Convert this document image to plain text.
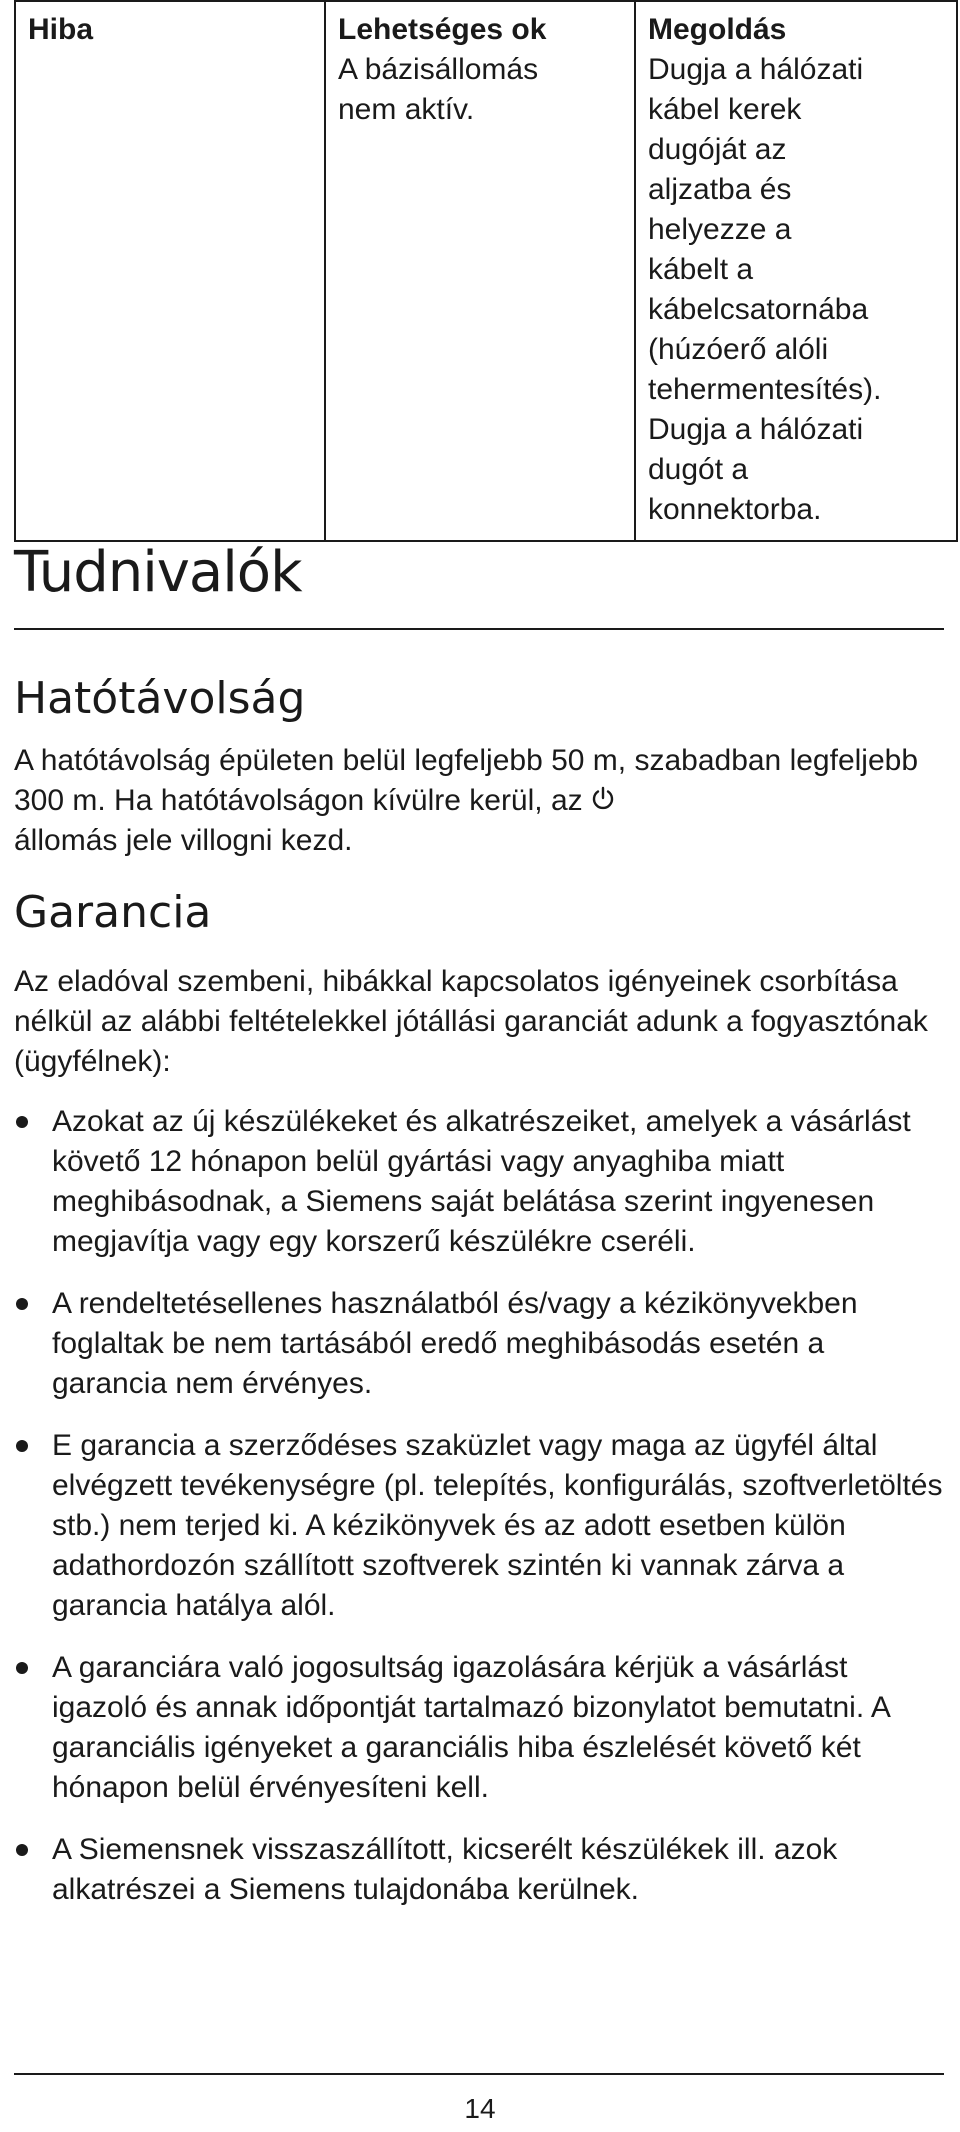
Hiba	Lehetséges ok	Megoldás
	A bázisállomás nem aktív.	Dugja a hálózati kábel kerek dugóját az aljzatba és helyezze a kábelt a kábelcsatornába (húzóerő alóli tehermentesítés). Dugja a hálózati dugót a konnektorba.
Tudnivalók
Hatótávolság
A hatótávolság épületen belül legfeljebb 50 m, szabadban legfeljebb 300 m. Ha hatótávolságon kívülre kerül, az
állomás jele villogni kezd.
Garancia
Az eladóval szembeni, hibákkal kapcsolatos igényeinek csorbítása nélkül az alábbi feltételekkel jótállási garanciát adunk a fogyasztónak (ügyfélnek):
Azokat az új készülékeket és alkatrészeiket, amelyek a vásárlást követő 12 hónapon belül gyártási vagy anyaghiba miatt meghibásodnak, a Siemens saját belátása szerint ingyenesen megjavítja vagy egy korszerű készülékre cseréli.
A rendeltetésellenes használatból és/vagy a kézikönyvekben foglaltak be nem tartásából eredő meghibásodás esetén a garancia nem érvényes.
E garancia a szerződéses szaküzlet vagy maga az ügyfél által elvégzett tevékenységre (pl. telepítés, konfigurálás, szoftverletöltés stb.) nem terjed ki. A kézikönyvek és az adott esetben külön adathordozón szállított szoftverek szintén ki vannak zárva a garancia hatálya alól.
A garanciára való jogosultság igazolására kérjük a vásárlást igazoló és annak időpontját tartalmazó bizonylatot bemutatni. A garanciális igényeket a garanciális hiba észlelését követő két hónapon belül érvényesíteni kell.
A Siemensnek visszaszállított, kicserélt készülékek ill. azok alkatrészei a Siemens tulajdonába kerülnek.
14
